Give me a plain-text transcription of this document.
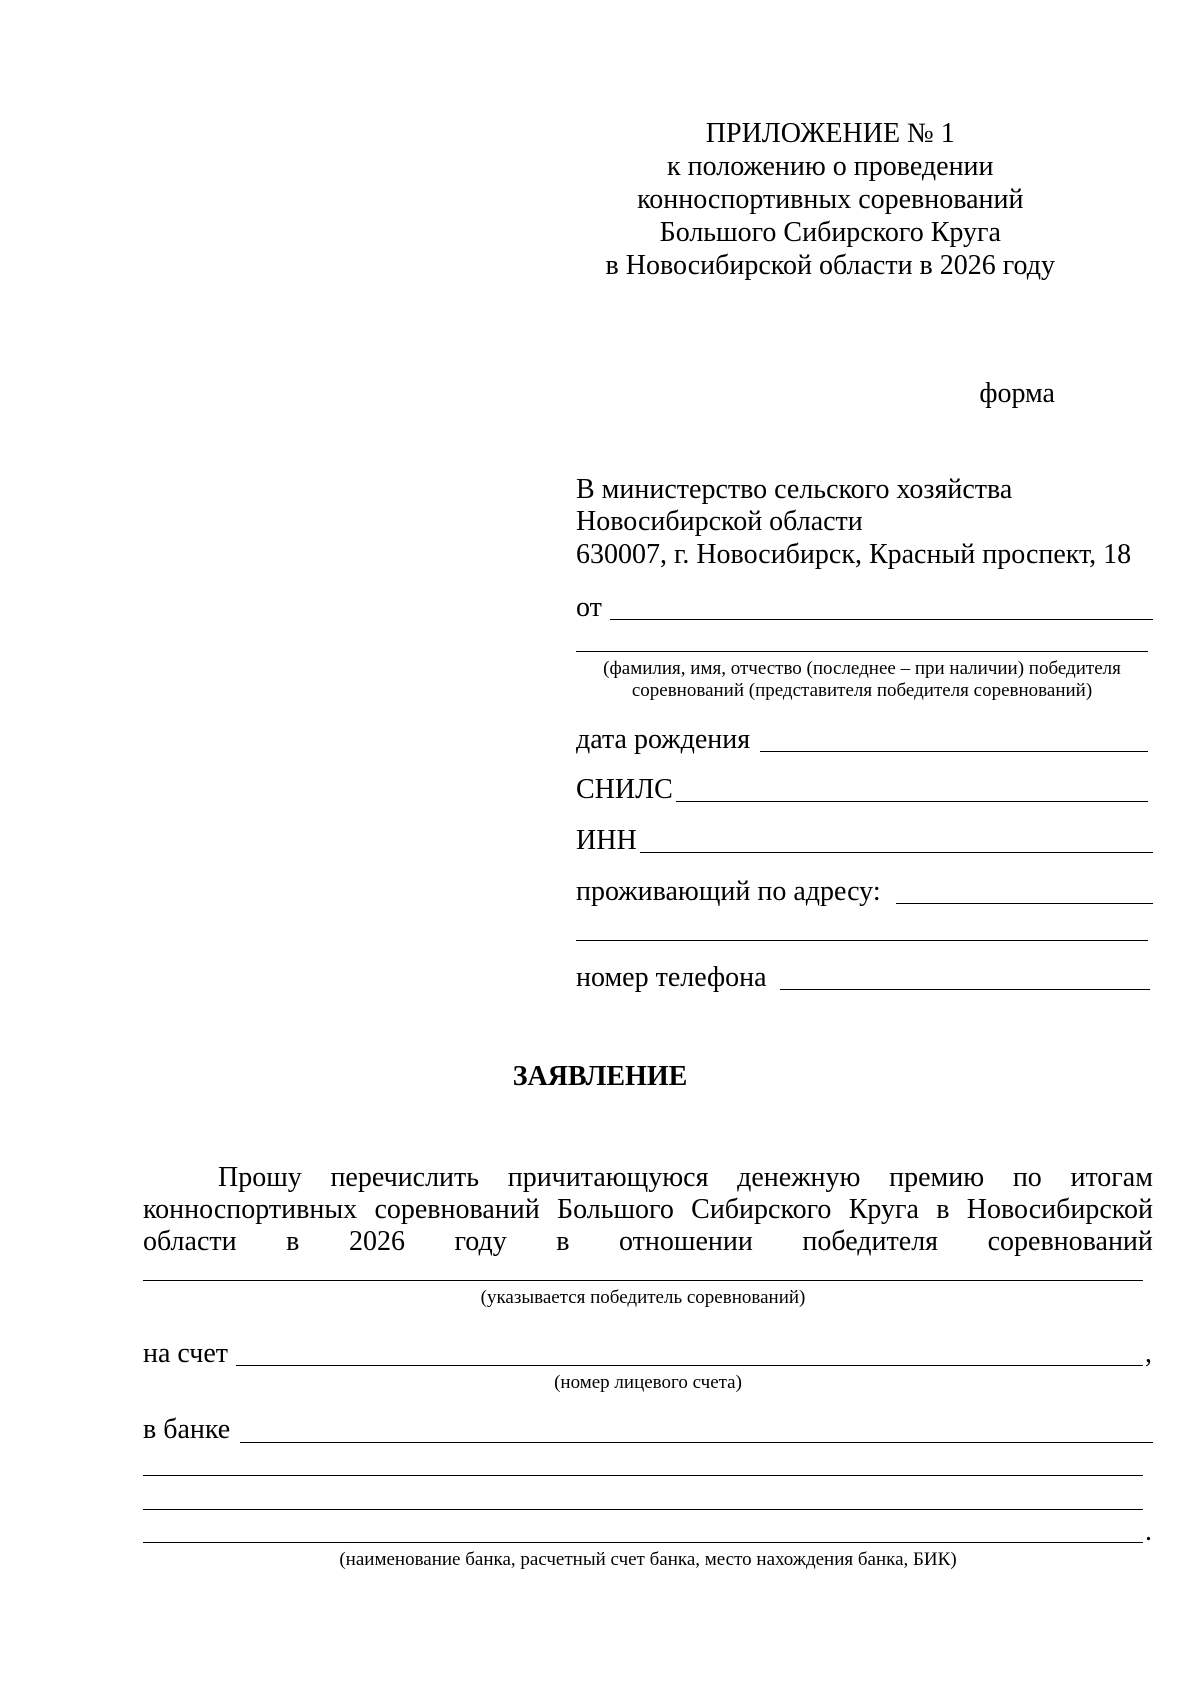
ПРИЛОЖЕНИЕ № 1
к положению о проведении
конноспортивных соревнований
Большого Сибирского Круга
в Новосибирской области в 2026 году
форма
В министерство сельского хозяйства
Новосибирской области
630007, г. Новосибирск, Красный проспект, 18
от
(фамилия, имя, отчество (последнее – при наличии) победителя
соревнований (представителя победителя соревнований)
дата рождения
СНИЛС
ИНН
проживающий по адресу:
номер телефона
ЗАЯВЛЕНИЕ
Прошу перечислить причитающуюся денежную премию по итогам
конноспортивных соревнований Большого Сибирского Круга в Новосибирской
области в 2026 году в отношении победителя соревнований
(указывается победитель соревнований)
на счет	,
(номер лицевого счета)
в банке
.
(наименование банка, расчетный счет банка, место нахождения банка, БИК)
